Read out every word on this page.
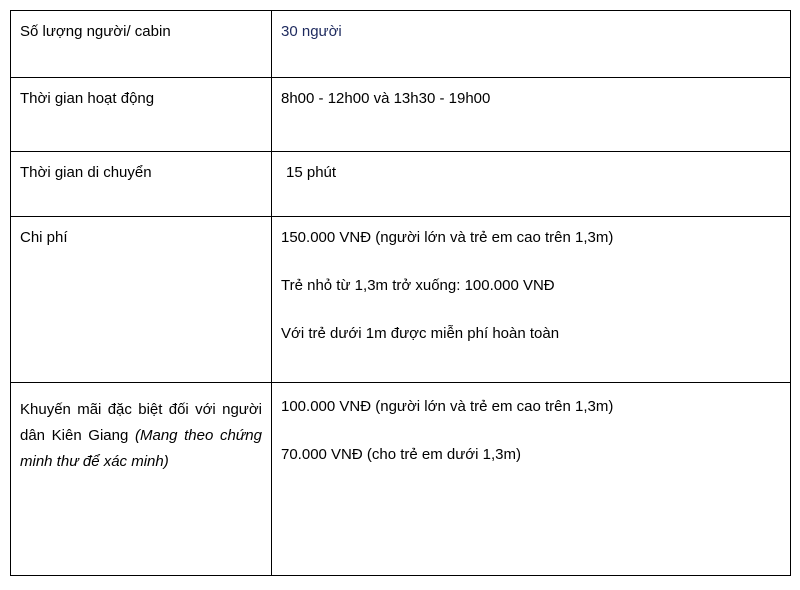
Số lượng người/ cabin	30 người

Thời gian hoạt động	8h00 - 12h00 và 13h30 - 19h00

Thời gian di chuyển	15 phút

Chi phí	150.000 VNĐ (người lớn và trẻ em cao trên 1,3m)

Trẻ nhỏ từ 1,3m trở xuống: 100.000 VNĐ

Với trẻ dưới 1m được miễn phí hoàn toàn

Khuyến mãi đặc biệt đối với người dân Kiên Giang (Mang theo chứng minh thư để xác minh)	100.000 VNĐ (người lớn và trẻ em cao trên 1,3m)

70.000 VNĐ (cho trẻ em dưới 1,3m)
